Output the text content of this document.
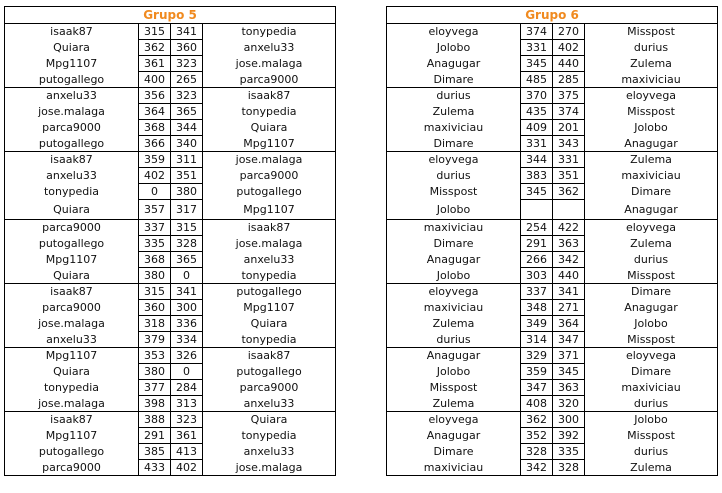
Grupo 5			
isaak87	315	341	tonypedia
Quiara	362	360	anxelu33
Mpg1107	361	323	jose.malaga
putogallego	400	265	parca9000
anxelu33	356	323	isaak87
jose.malaga	364	365	tonypedia
parca9000	368	344	Quiara
putogallego	366	340	Mpg1107
isaak87	359	311	jose.malaga
anxelu33	402	351	parca9000
tonypedia	0	380	putogallego
Quiara	357	317	Mpg1107
parca9000	337	315	isaak87
putogallego	335	328	jose.malaga
Mpg1107	368	365	anxelu33
Quiara	380	0	tonypedia
isaak87	315	341	putogallego
parca9000	360	300	Mpg1107
jose.malaga	318	336	Quiara
anxelu33	379	334	tonypedia
Mpg1107	353	326	isaak87
Quiara	380	0	putogallego
tonypedia	377	284	parca9000
jose.malaga	398	313	anxelu33
isaak87	388	323	Quiara
Mpg1107	291	361	tonypedia
putogallego	385	413	anxelu33
parca9000	433	402	jose.malaga
Grupo 6			
eloyvega	374	270	Misspost
Jolobo	331	402	durius
Anagugar	345	440	Zulema
Dimare	485	285	maxiviciau
durius	370	375	eloyvega
Zulema	435	374	Misspost
maxiviciau	409	201	Jolobo
Dimare	331	343	Anagugar
eloyvega	344	331	Zulema
durius	383	351	maxiviciau
Misspost	345	362	Dimare
Jolobo			Anagugar
maxiviciau	254	422	eloyvega
Dimare	291	363	Zulema
Anagugar	266	342	durius
Jolobo	303	440	Misspost
eloyvega	337	341	Dimare
maxiviciau	348	271	Anagugar
Zulema	349	364	Jolobo
durius	314	347	Misspost
Anagugar	329	371	eloyvega
Jolobo	359	345	Dimare
Misspost	347	363	maxiviciau
Zulema	408	320	durius
eloyvega	362	300	Jolobo
Anagugar	352	392	Misspost
Dimare	328	335	durius
maxiviciau	342	328	Zulema
